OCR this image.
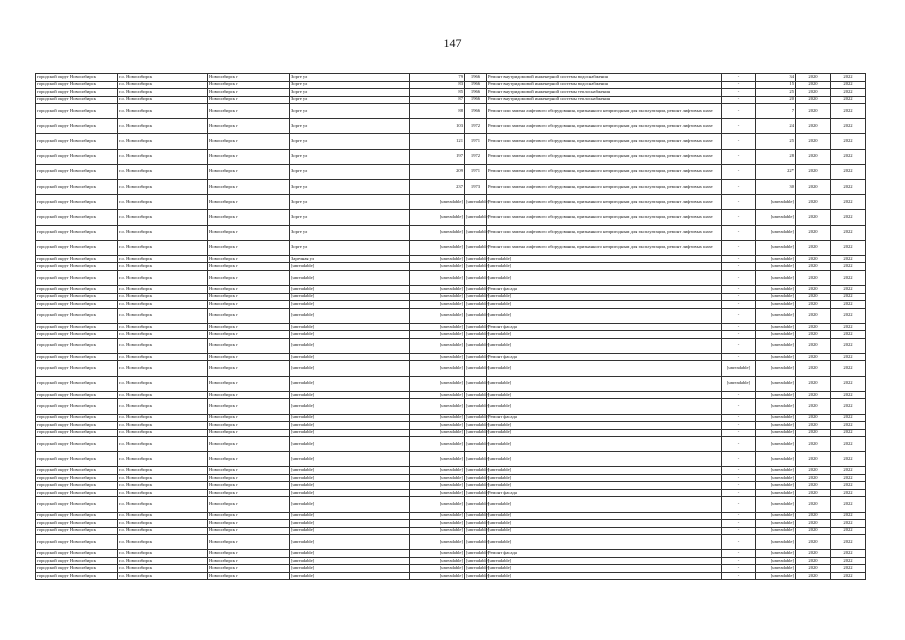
147
городской округ Новосибирск	г.о. Новосибирск	Новосибирск г	Зорге ул	79	1966	Ремонт внутридомовой инженерной системы водоснабжения	-	34	2020	2022
городской округ Новосибирск	г.о. Новосибирск	Новосибирск г	Зорге ул	83	1966	Ремонт внутридомовой инженерной системы водоснабжения	-	15	2020	2022
городской округ Новосибирск	г.о. Новосибирск	Новосибирск г	Зорге ул	85	1966	Ремонт внутридомовой инженерной системы теплоснабжения	-	25	2020	2022
городской округ Новосибирск	г.о. Новосибирск	Новосибирск г	Зорге ул	87	1966	Ремонт внутридомовой инженерной системы теплоснабжения	-	20	2020	2022
городской округ Новосибирск	г.о. Новосибирск	Новосибирск г	Зорге ул	88	1966	Ремонт или замена лифтового оборудования, признанного непригодным для эксплуатации, ремонт лифтовых шахт	-	7	2020	2022
городской округ Новосибирск	г.о. Новосибирск	Новосибирск г	Зорге ул	103	1972	Ремонт или замена лифтового оборудования, признанного непригодным для эксплуатации, ремонт лифтовых шахт	-	24	2020	2022
городской округ Новосибирск	г.о. Новосибирск	Новосибирск г	Зорге ул	121	1971	Ремонт или замена лифтового оборудования, признанного непригодным для эксплуатации, ремонт лифтовых шахт	-	25	2020	2022
городской округ Новосибирск	г.о. Новосибирск	Новосибирск г	Зорге ул	197	1972	Ремонт или замена лифтового оборудования, признанного непригодным для эксплуатации, ремонт лифтовых шахт	-	28	2020	2022
городской округ Новосибирск	г.о. Новосибирск	Новосибирск г	Зорге ул	209	1971	Ремонт или замена лифтового оборудования, признанного непригодным для эксплуатации, ремонт лифтовых шахт	-	22*	2020	2022
городской округ Новосибирск	г.о. Новосибирск	Новосибирск г	Зорге ул	237	1973	Ремонт или замена лифтового оборудования, признанного непригодным для эксплуатации, ремонт лифтовых шахт	-	30	2020	2022
городской округ Новосибирск	г.о. Новосибирск	Новосибирск г	Зорге ул	[unreadable]	[unreadable]	Ремонт или замена лифтового оборудования, признанного непригодным для эксплуатации, ремонт лифтовых шахт	-	[unreadable]	2020	2022
городской округ Новосибирск	г.о. Новосибирск	Новосибирск г	Зорге ул	[unreadable]	[unreadable]	Ремонт или замена лифтового оборудования, признанного непригодным для эксплуатации, ремонт лифтовых шахт	-	[unreadable]	2020	2022
городской округ Новосибирск	г.о. Новосибирск	Новосибирск г	Зорге ул	[unreadable]	[unreadable]	Ремонт или замена лифтового оборудования, признанного непригодным для эксплуатации, ремонт лифтовых шахт	-	[unreadable]	2020	2022
городской округ Новосибирск	г.о. Новосибирск	Новосибирск г	Зорге ул	[unreadable]	[unreadable]	Ремонт или замена лифтового оборудования, признанного непригодным для эксплуатации, ремонт лифтовых шахт	-	[unreadable]	2020	2022
городской округ Новосибирск	г.о. Новосибирск	Новосибирск г	Заречная ул	[unreadable]	[unreadable]	[unreadable]	-	[unreadable]	2020	2022
городской округ Новосибирск	г.о. Новосибирск	Новосибирск г	[unreadable]	[unreadable]	[unreadable]	[unreadable]	-	[unreadable]	2020	2022
городской округ Новосибирск	г.о. Новосибирск	Новосибирск г	[unreadable]	[unreadable]	[unreadable]	[unreadable]	-	[unreadable]	2020	2022
городской округ Новосибирск	г.о. Новосибирск	Новосибирск г	[unreadable]	[unreadable]	[unreadable]	Ремонт фасада	-	[unreadable]	2020	2022
городской округ Новосибирск	г.о. Новосибирск	Новосибирск г	[unreadable]	[unreadable]	[unreadable]	[unreadable]	-	[unreadable]	2020	2022
городской округ Новосибирск	г.о. Новосибирск	Новосибирск г	[unreadable]	[unreadable]	[unreadable]	[unreadable]	-	[unreadable]	2020	2022
городской округ Новосибирск	г.о. Новосибирск	Новосибирск г	[unreadable]	[unreadable]	[unreadable]	[unreadable]	-	[unreadable]	2020	2022
городской округ Новосибирск	г.о. Новосибирск	Новосибирск г	[unreadable]	[unreadable]	[unreadable]	Ремонт фасада	-	[unreadable]	2020	2022
городской округ Новосибирск	г.о. Новосибирск	Новосибирск г	[unreadable]	[unreadable]	[unreadable]	[unreadable]	-	[unreadable]	2020	2022
городской округ Новосибирск	г.о. Новосибирск	Новосибирск г	[unreadable]	[unreadable]	[unreadable]	[unreadable]	-	[unreadable]	2020	2022
городской округ Новосибирск	г.о. Новосибирск	Новосибирск г	[unreadable]	[unreadable]	[unreadable]	Ремонт фасада	-	[unreadable]	2020	2022
городской округ Новосибирск	г.о. Новосибирск	Новосибирск г	[unreadable]	[unreadable]	[unreadable]	[unreadable]	[unreadable]	[unreadable]	2020	2022
городской округ Новосибирск	г.о. Новосибирск	Новосибирск г	[unreadable]	[unreadable]	[unreadable]	[unreadable]	[unreadable]	[unreadable]	2020	2022
городской округ Новосибирск	г.о. Новосибирск	Новосибирск г	[unreadable]	[unreadable]	[unreadable]	[unreadable]	-	[unreadable]	2020	2022
городской округ Новосибирск	г.о. Новосибирск	Новосибирск г	[unreadable]	[unreadable]	[unreadable]	[unreadable]	-	[unreadable]	2020	2022
городской округ Новосибирск	г.о. Новосибирск	Новосибирск г	[unreadable]	[unreadable]	[unreadable]	Ремонт фасада	-	[unreadable]	2020	2022
городской округ Новосибирск	г.о. Новосибирск	Новосибирск г	[unreadable]	[unreadable]	[unreadable]	[unreadable]	-	[unreadable]	2020	2022
городской округ Новосибирск	г.о. Новосибирск	Новосибирск г	[unreadable]	[unreadable]	[unreadable]	[unreadable]	-	[unreadable]	2020	2022
городской округ Новосибирск	г.о. Новосибирск	Новосибирск г	[unreadable]	[unreadable]	[unreadable]	[unreadable]	-	[unreadable]	2020	2022
городской округ Новосибирск	г.о. Новосибирск	Новосибирск г	[unreadable]	[unreadable]	[unreadable]	[unreadable]	-	[unreadable]	2020	2022
городской округ Новосибирск	г.о. Новосибирск	Новосибирск г	[unreadable]	[unreadable]	[unreadable]	[unreadable]	-	[unreadable]	2020	2022
городской округ Новосибирск	г.о. Новосибирск	Новосибирск г	[unreadable]	[unreadable]	[unreadable]	[unreadable]	-	[unreadable]	2020	2022
городской округ Новосибирск	г.о. Новосибирск	Новосибирск г	[unreadable]	[unreadable]	[unreadable]	[unreadable]	-	[unreadable]	2020	2022
городской округ Новосибирск	г.о. Новосибирск	Новосибирск г	[unreadable]	[unreadable]	[unreadable]	Ремонт фасада	-	[unreadable]	2020	2022
городской округ Новосибирск	г.о. Новосибирск	Новосибирск г	[unreadable]	[unreadable]	[unreadable]	[unreadable]	-	[unreadable]	2020	2022
городской округ Новосибирск	г.о. Новосибирск	Новосибирск г	[unreadable]	[unreadable]	[unreadable]	[unreadable]	-	[unreadable]	2020	2022
городской округ Новосибирск	г.о. Новосибирск	Новосибирск г	[unreadable]	[unreadable]	[unreadable]	[unreadable]	-	[unreadable]	2020	2022
городской округ Новосибирск	г.о. Новосибирск	Новосибирск г	[unreadable]	[unreadable]	[unreadable]	[unreadable]	-	[unreadable]	2020	2022
городской округ Новосибирск	г.о. Новосибирск	Новосибирск г	[unreadable]	[unreadable]	[unreadable]	[unreadable]	-	[unreadable]	2020	2022
городской округ Новосибирск	г.о. Новосибирск	Новосибирск г	[unreadable]	[unreadable]	[unreadable]	Ремонт фасада	-	[unreadable]	2020	2022
городской округ Новосибирск	г.о. Новосибирск	Новосибирск г	[unreadable]	[unreadable]	[unreadable]	[unreadable]	-	[unreadable]	2020	2022
городской округ Новосибирск	г.о. Новосибирск	Новосибирск г	[unreadable]	[unreadable]	[unreadable]	[unreadable]	-	[unreadable]	2020	2022
городской округ Новосибирск	г.о. Новосибирск	Новосибирск г	[unreadable]	[unreadable]	[unreadable]	[unreadable]	-	[unreadable]	2020	2022
